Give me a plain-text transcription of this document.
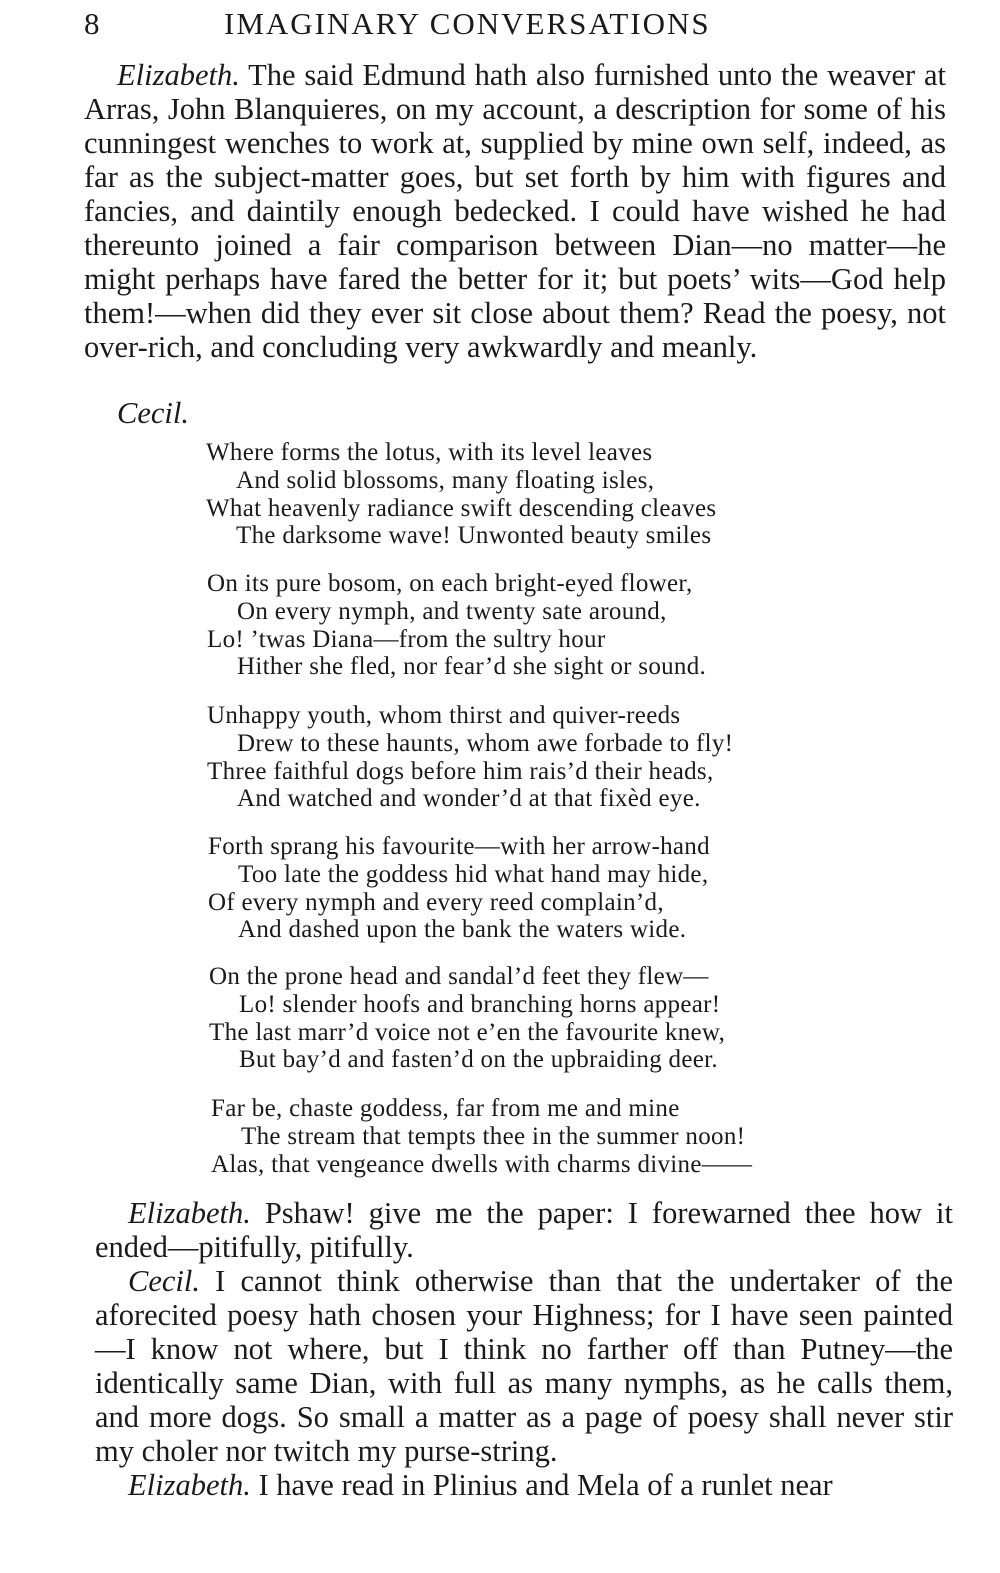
8	IMAGINARY CONVERSATIONS

Elizabeth. The said Edmund hath also furnished unto the weaver at Arras, John Blanquieres, on my account, a description for some of his cunningest wenches to work at, supplied by mine own self, indeed, as far as the subject-matter goes, but set forth by him with figures and fancies, and daintily enough bedecked. I could have wished he had thereunto joined a fair comparison between Dian—no matter—he might perhaps have fared the better for it; but poets’ wits—God help them!—when did they ever sit close about them? Read the poesy, not over-rich, and concluding very awkwardly and meanly.

Cecil.
Where forms the lotus, with its level leaves
And solid blossoms, many floating isles,
What heavenly radiance swift descending cleaves
The darksome wave! Unwonted beauty smiles
On its pure bosom, on each bright-eyed flower,
On every nymph, and twenty sate around,
Lo! ’twas Diana—from the sultry hour
Hither she fled, nor fear’d she sight or sound.
Unhappy youth, whom thirst and quiver-reeds
Drew to these haunts, whom awe forbade to fly!
Three faithful dogs before him rais’d their heads,
And watched and wonder’d at that fixèd eye.
Forth sprang his favourite—with her arrow-hand
Too late the goddess hid what hand may hide,
Of every nymph and every reed complain’d,
And dashed upon the bank the waters wide.
On the prone head and sandal’d feet they flew—
Lo! slender hoofs and branching horns appear!
The last marr’d voice not e’en the favourite knew,
But bay’d and fasten’d on the upbraiding deer.
Far be, chaste goddess, far from me and mine
The stream that tempts thee in the summer noon!
Alas, that vengeance dwells with charms divine——

Elizabeth. Pshaw! give me the paper: I forewarned thee how it ended—pitifully, pitifully.

Cecil. I cannot think otherwise than that the undertaker of the aforecited poesy hath chosen your Highness; for I have seen painted—I know not where, but I think no farther off than Putney—the identically same Dian, with full as many nymphs, as he calls them, and more dogs. So small a matter as a page of poesy shall never stir my choler nor twitch my purse-string.

Elizabeth. I have read in Plinius and Mela of a runlet near
